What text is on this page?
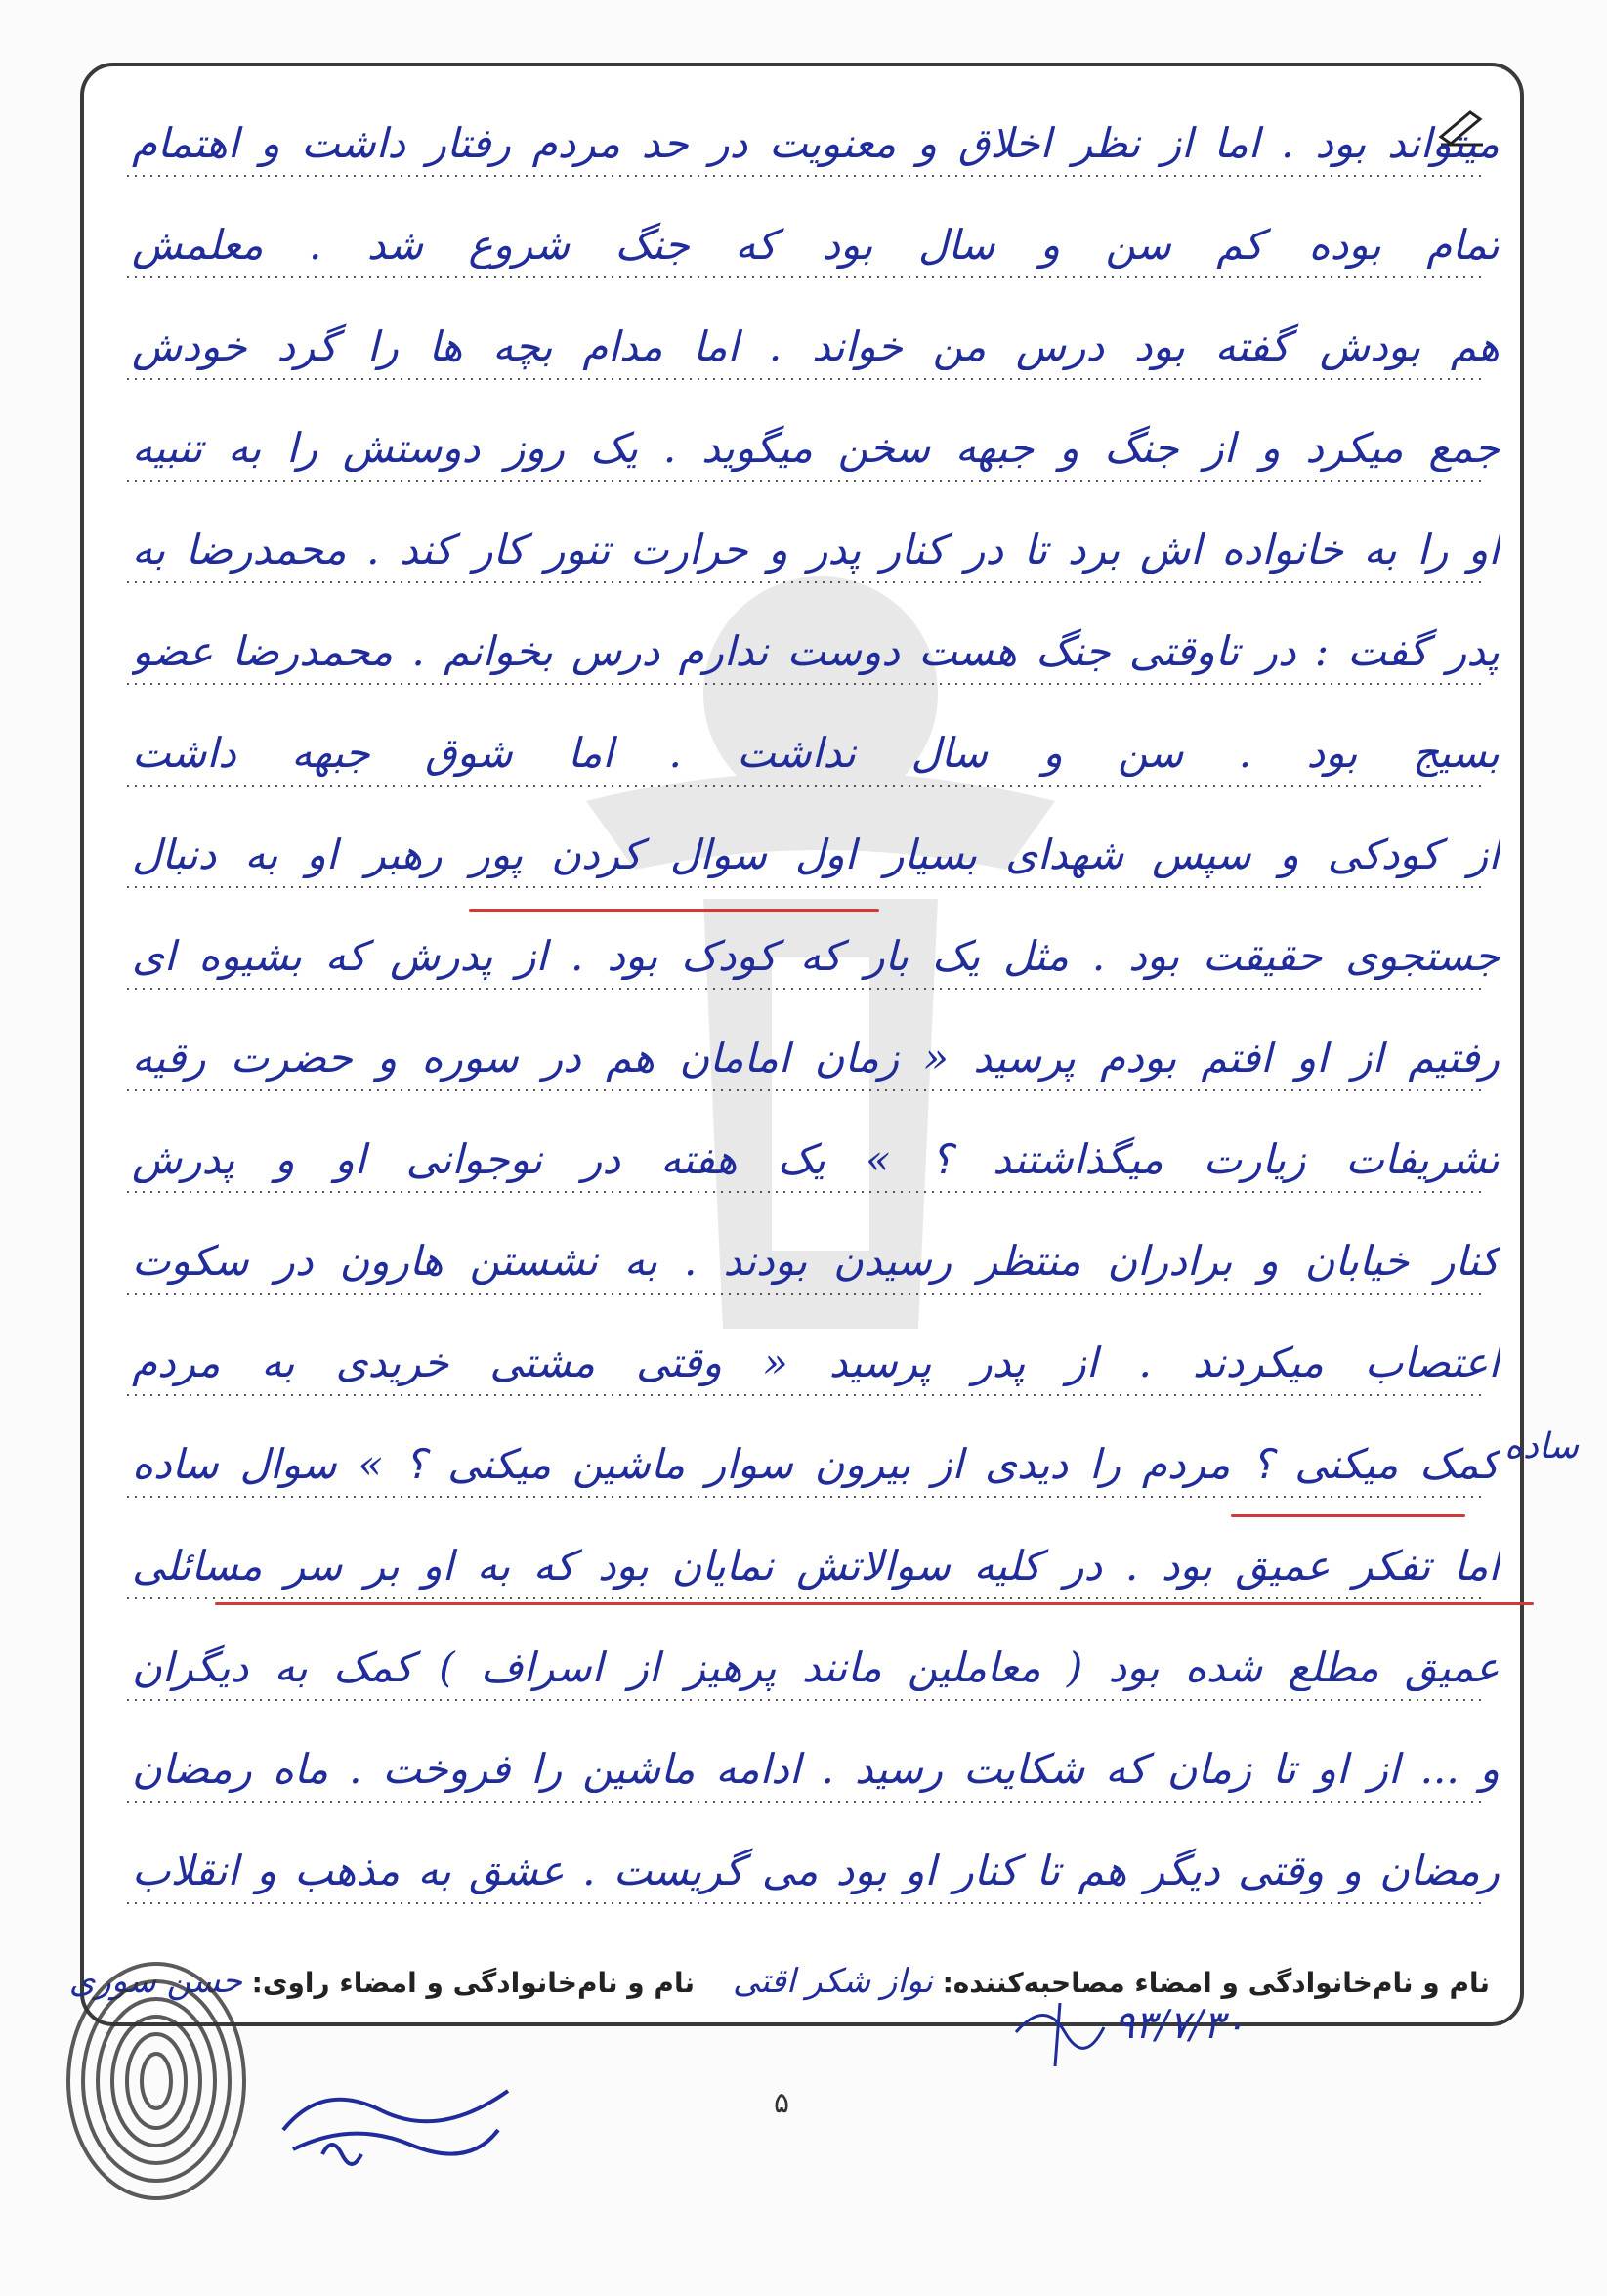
میتواند بود . اما از نظر اخلاق و معنویت در حد مردم رفتار داشت و اهتمام
تمام بوده کم سن و سال بود که جنگ شروع شد . معلمش
هم بودش گفته بود درس من خواند . اما مدام بچه ها را گرد خودش
جمع میکرد و از جنگ و جبهه سخن میگوید . یک روز دوستش را به تنبیه
او را به خانواده اش برد تا در کنار پدر و حرارت تنور کار کند . محمدرضا به
پدر گفت : در تاوقتی جنگ هست دوست ندارم درس بخوانم . محمدرضا عضو
بسیج بود . سن و سال نداشت . اما شوق جبهه داشت
از کودکی و سپس شهدای بسیار اول سوال کردن پور رهبر او به دنبال
جستجوی حقیقت بود . مثل یک بار که کودک بود . از پدرش که بشیوه ای
رفتیم از او افتم بودم پرسید « زمان امامان هم در سوره و حضرت رقیه
تشریفات زیارت میگذاشتند ؟ » یک هفته در نوجوانی او و پدرش
کنار خیابان و برادران منتظر رسیدن بودند . به نشستن هارون در سکوت
اعتصاب میکردند . از پدر پرسید « وقتی مشتی خریدی به مردم
کمک میکنی ؟ مردم را دیدی از بیرون سوار ماشین میکنی ؟ » سوال ساده
اما تفکر عمیق بود . در کلیه سوالاتش نمایان بود که به او بر سر مسائلی
عمیق مطلع شده بود ( معاملین مانند پرهیز از اسراف ) کمک به دیگران
و ... از او تا زمان که شکایت رسید . ادامه ماشین را فروخت . ماه رمضان
رمضان و وقتی دیگر هم تا کنار او بود می گریست . عشق به مذهب و انقلاب
ساده
نام و نام‌خانوادگی و امضاء مصاحبه‌کننده: نواز شکر اقتی    نام و نام‌خانوادگی و امضاء راوی: حسن سوری
۹۳/۷/۳۰
۵
